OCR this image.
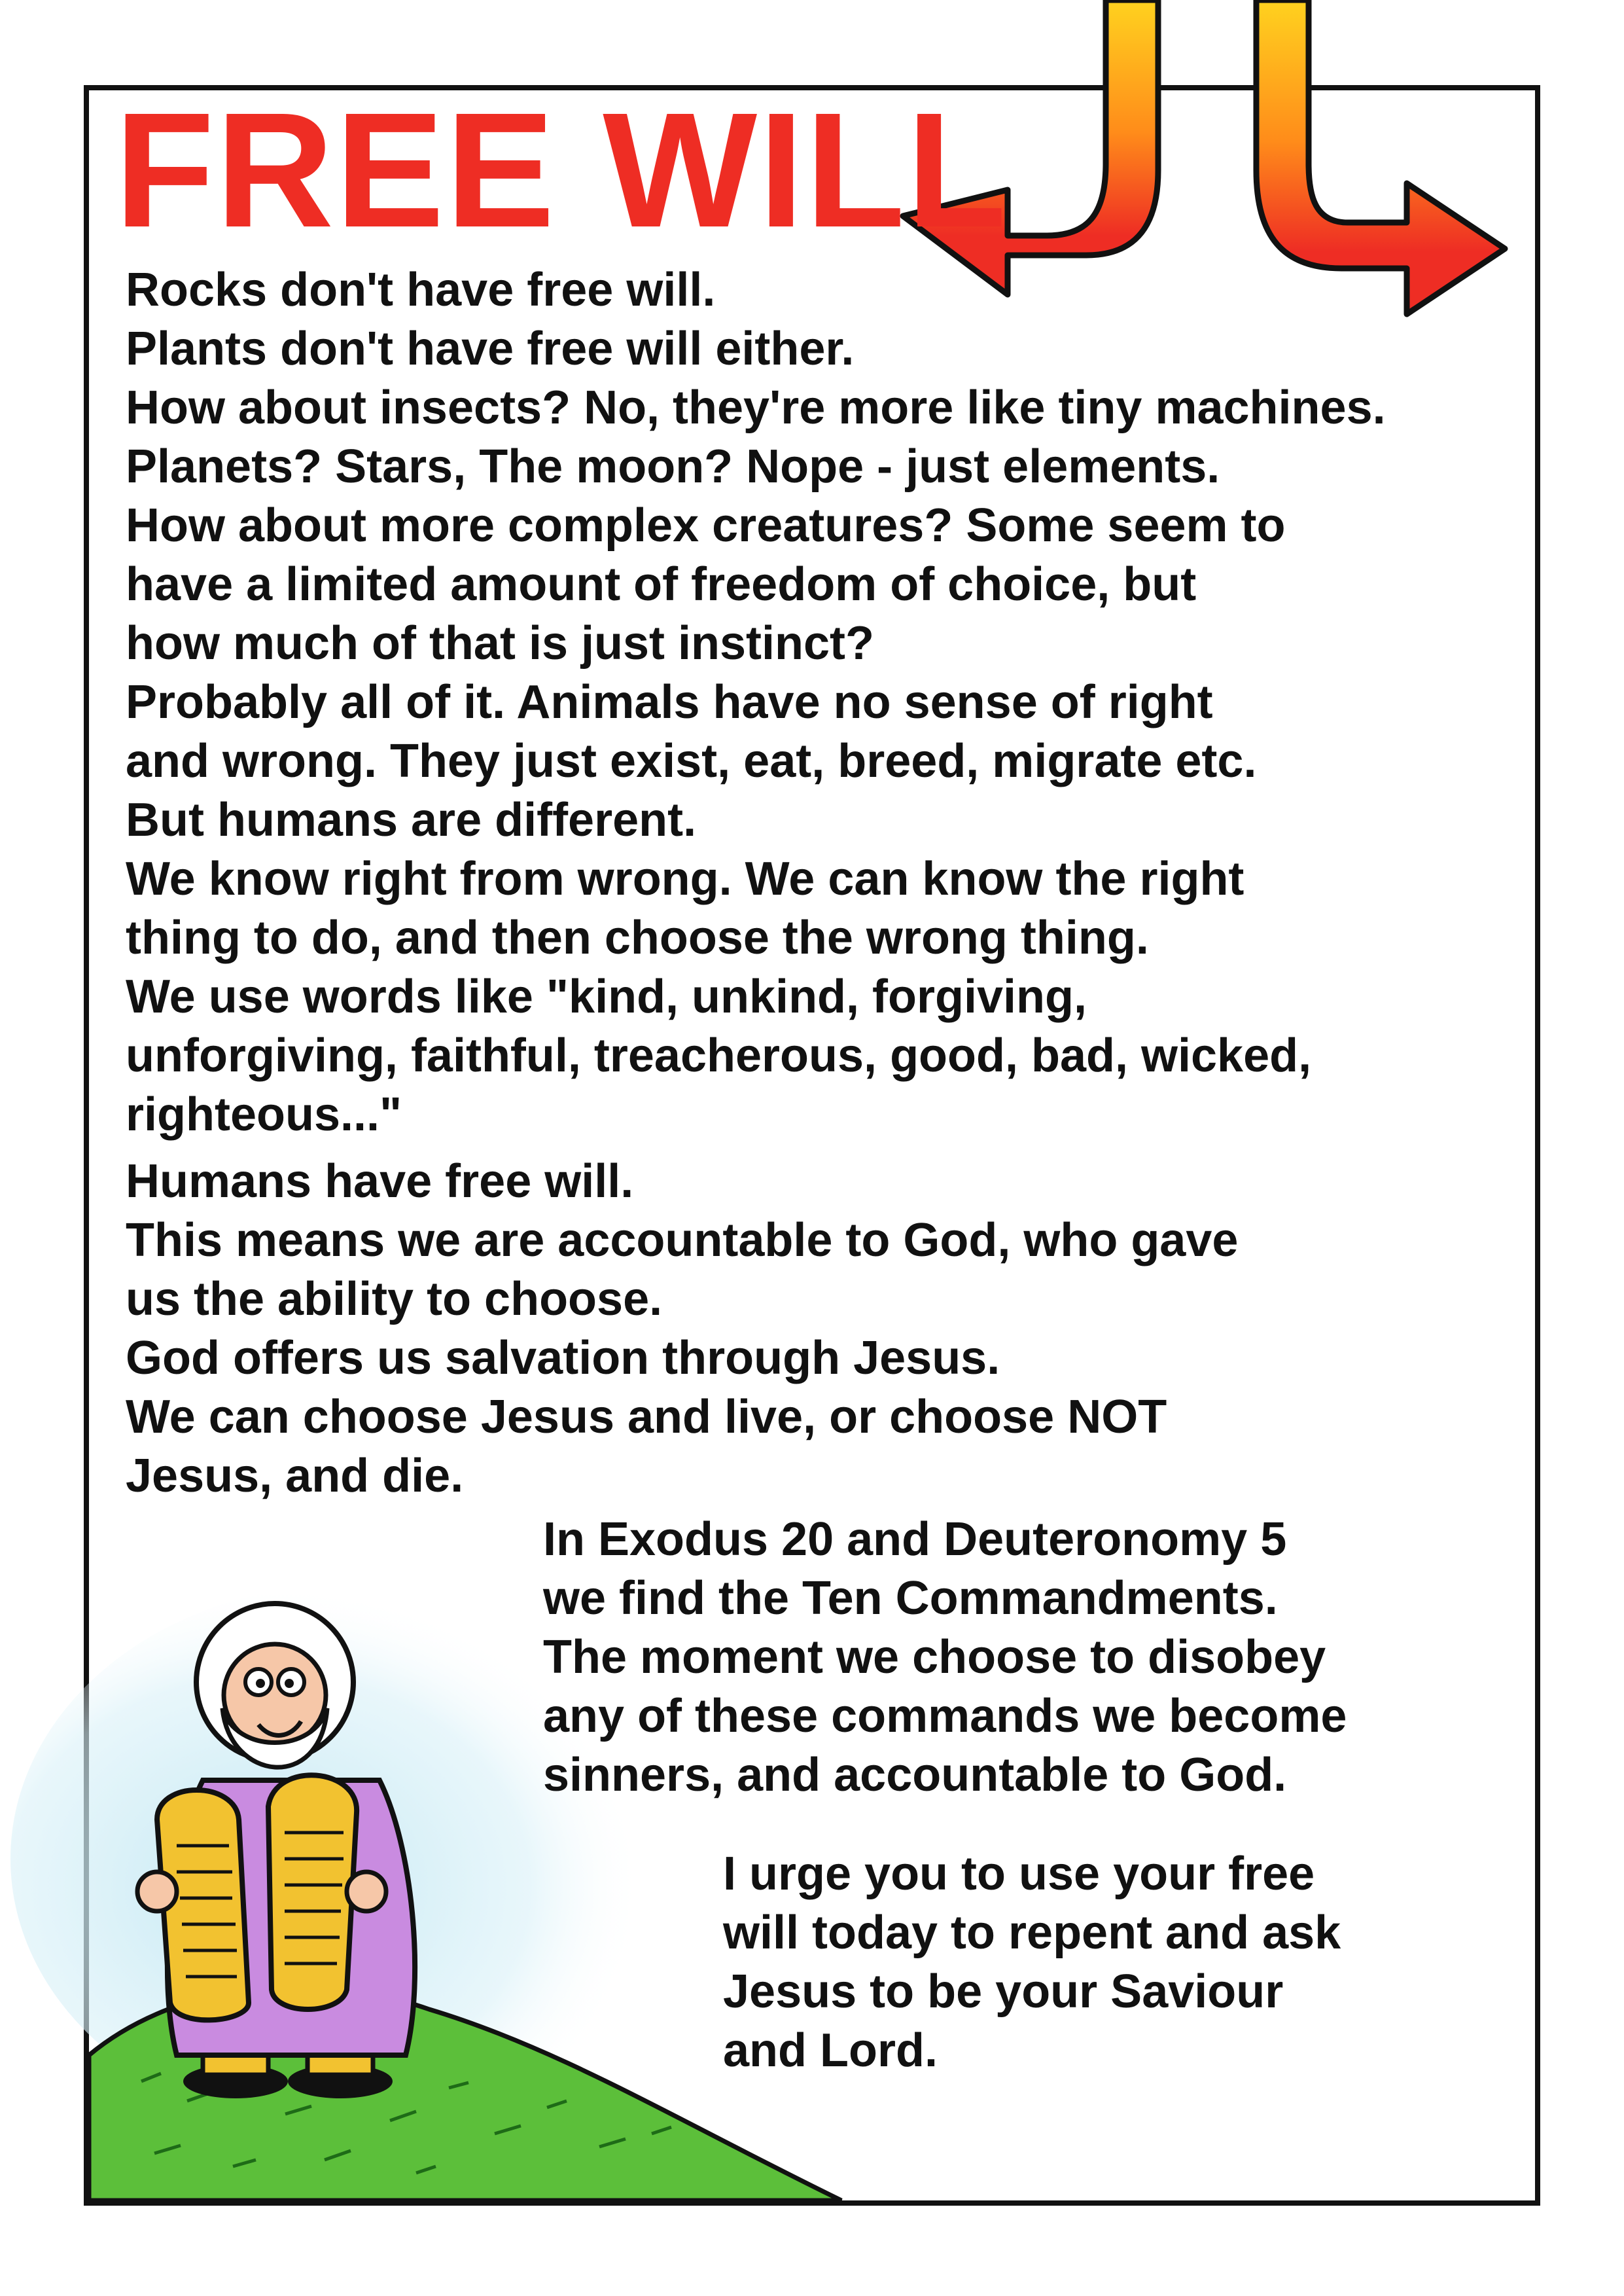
FREE WILL
Rocks don't have free will.
Plants don't have free will either.
How about insects? No, they're more like tiny machines.
Planets? Stars, The moon? Nope - just elements.
How about more complex creatures? Some seem to
have a limited amount of freedom of choice, but
how much of that is just instinct?
Probably all of it. Animals have no sense of right
and wrong. They just exist, eat, breed, migrate etc.
But humans are different.
We know right from wrong. We can know the right
thing to do, and then choose the wrong thing.
We use words like "kind, unkind, forgiving,
unforgiving, faithful, treacherous, good, bad, wicked,
righteous..."
Humans have free will.
This means we are accountable to God, who gave
us the ability to choose.
God offers us salvation through Jesus.
We can choose Jesus and live, or choose NOT
Jesus, and die.
In Exodus 20 and Deuteronomy 5
we find the Ten Commandments.
The moment we choose to disobey
any of these commands we become
sinners, and accountable to God.
I urge you to use your free
will today to repent and ask
Jesus to be your Saviour
and Lord.
